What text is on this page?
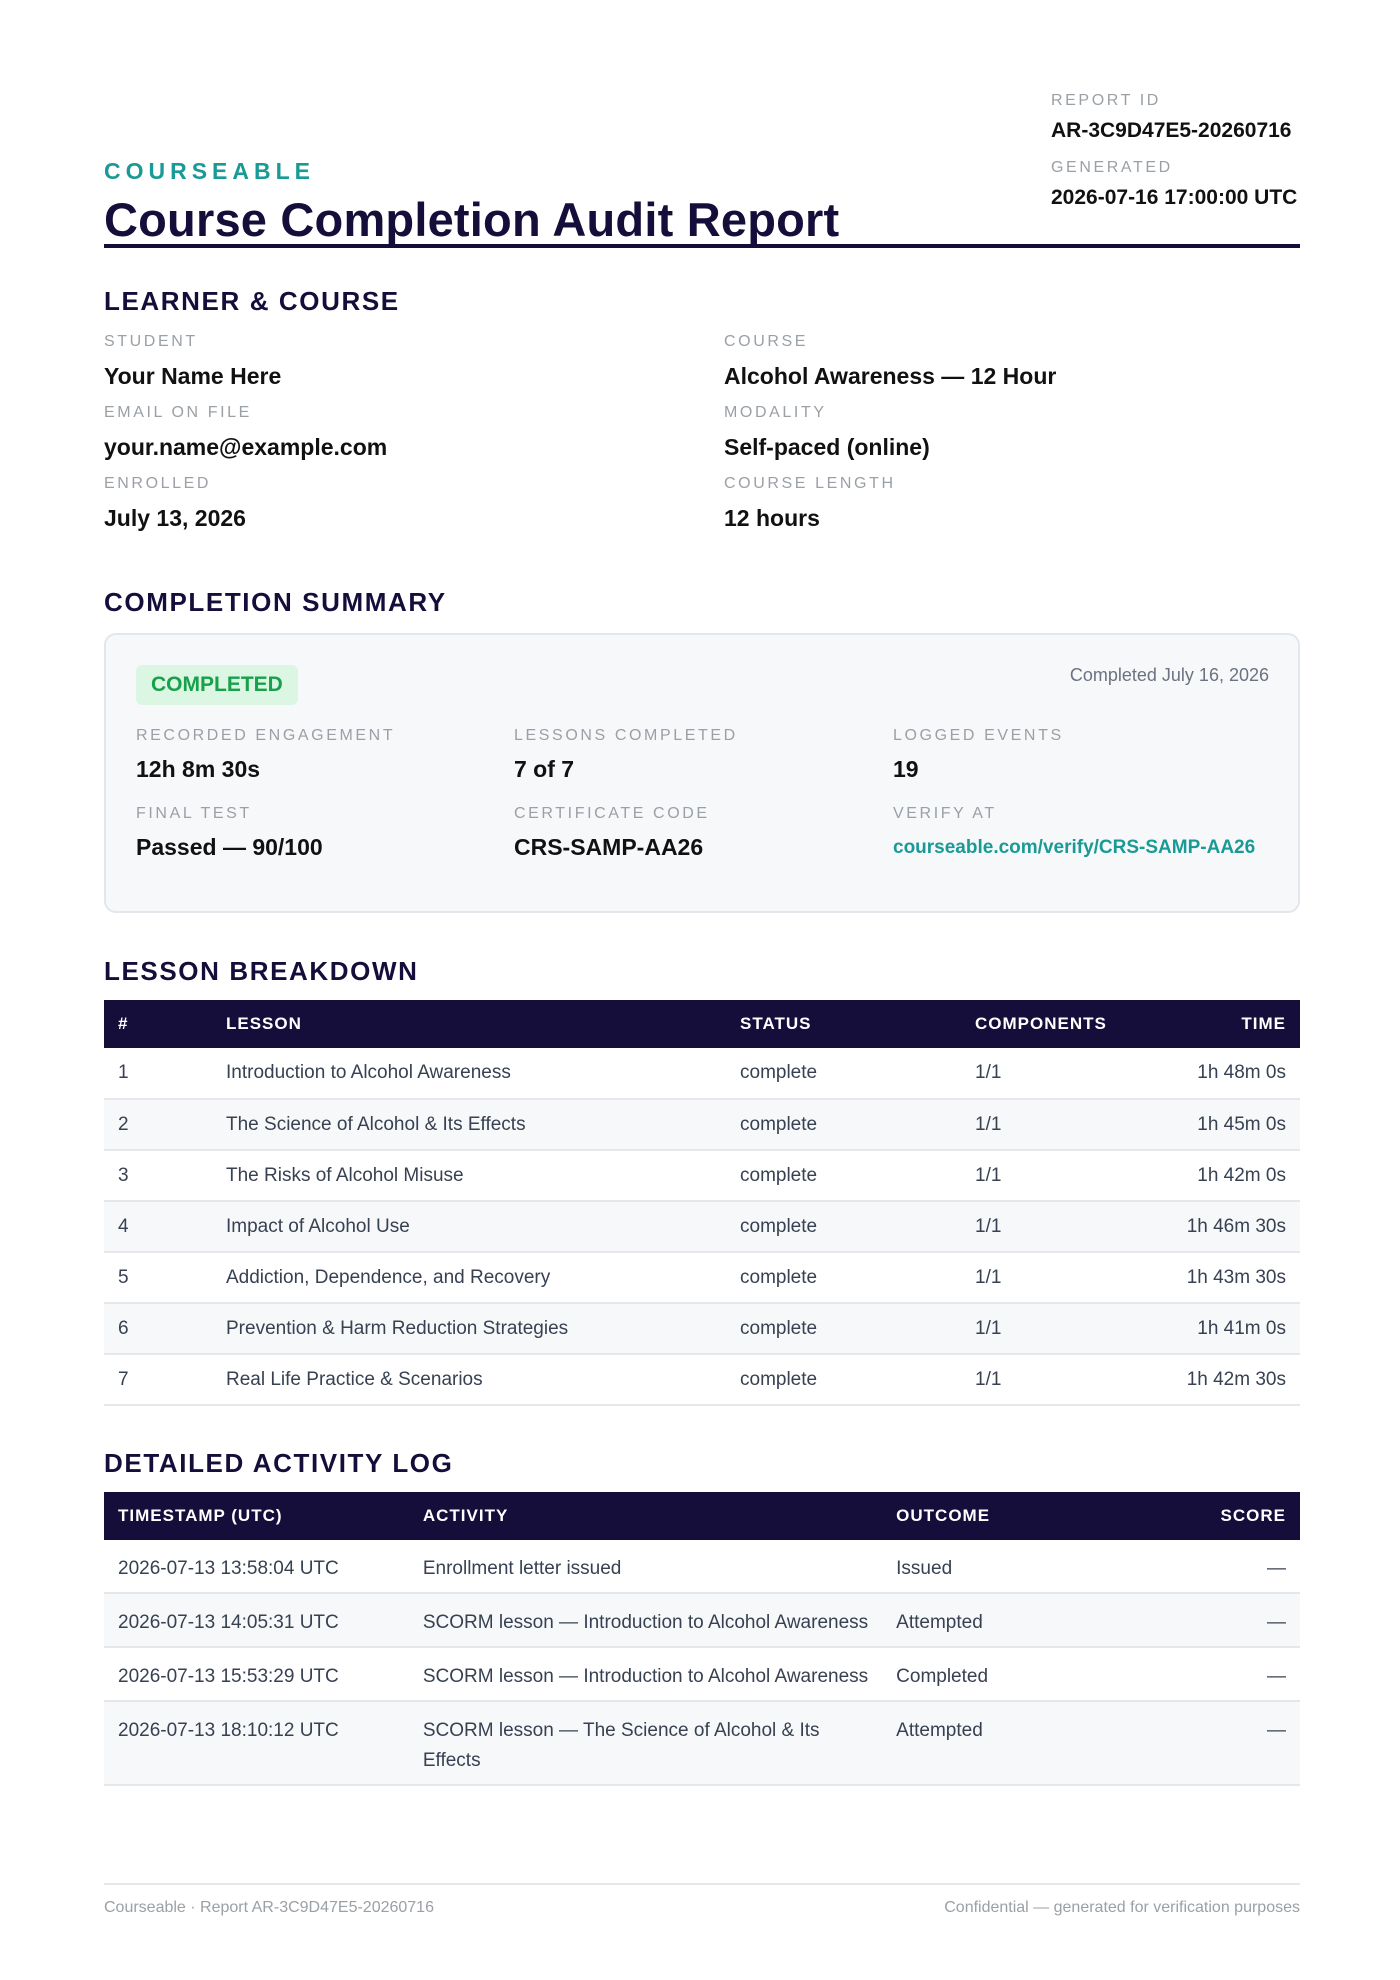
COURSEABLE
Course Completion Audit Report
REPORT ID
AR-3C9D47E5-20260716
GENERATED
2026-07-16 17:00:00 UTC
LEARNER & COURSE
STUDENT
Your Name Here
EMAIL ON FILE
your.name@example.com
ENROLLED
July 13, 2026
COURSE
Alcohol Awareness — 12 Hour
MODALITY
Self-paced (online)
COURSE LENGTH
12 hours
COMPLETION SUMMARY
COMPLETED	Completed July 16, 2026
RECORDED ENGAGEMENT
12h 8m 30s
LESSONS COMPLETED
7 of 7
LOGGED EVENTS
19
FINAL TEST
Passed — 90/100
CERTIFICATE CODE
CRS-SAMP-AA26
VERIFY AT
courseable.com/verify/CRS-SAMP-AA26
LESSON BREAKDOWN
#	LESSON	STATUS	COMPONENTS	TIME
1	Introduction to Alcohol Awareness	complete	1/1	1h 48m 0s
2	The Science of Alcohol & Its Effects	complete	1/1	1h 45m 0s
3	The Risks of Alcohol Misuse	complete	1/1	1h 42m 0s
4	Impact of Alcohol Use	complete	1/1	1h 46m 30s
5	Addiction, Dependence, and Recovery	complete	1/1	1h 43m 30s
6	Prevention & Harm Reduction Strategies	complete	1/1	1h 41m 0s
7	Real Life Practice & Scenarios	complete	1/1	1h 42m 30s
DETAILED ACTIVITY LOG
TIMESTAMP (UTC)	ACTIVITY	OUTCOME	SCORE
2026-07-13 13:58:04 UTC	Enrollment letter issued	Issued	—
2026-07-13 14:05:31 UTC	SCORM lesson — Introduction to Alcohol Awareness	Attempted	—
2026-07-13 15:53:29 UTC	SCORM lesson — Introduction to Alcohol Awareness	Completed	—
2026-07-13 18:10:12 UTC	SCORM lesson — The Science of Alcohol & Its Effects	Attempted	—
Courseable · Report AR-3C9D47E5-20260716	Confidential — generated for verification purposes
